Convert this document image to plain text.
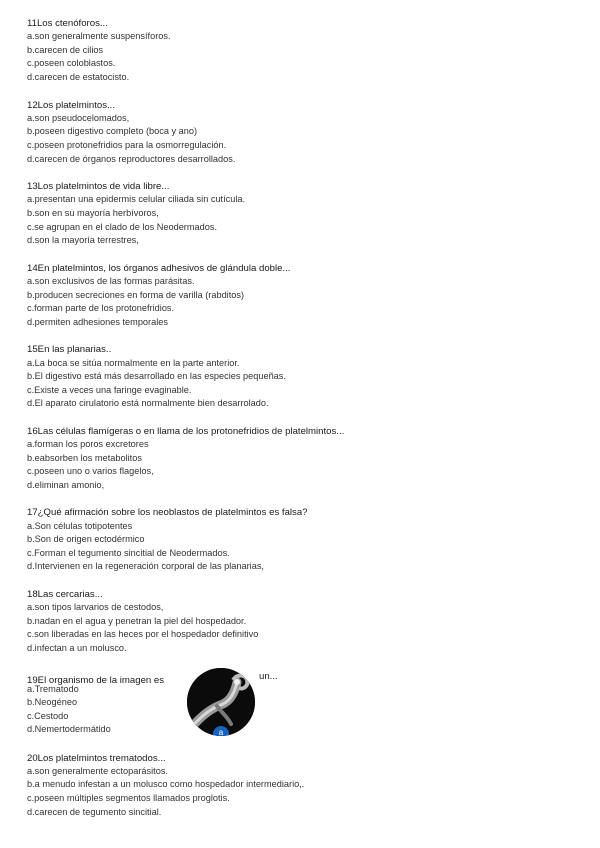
11Los ctenóforos...
a.son generalmente suspensíforos.
b.carecen de cilios
c.poseen coloblastos.
d.carecen de estatocisto.
12Los platelmintos...
a.son pseudocelomados,
b.poseen digestivo completo (boca y ano)
c.poseen protonefridios para la osmorregulación.
d.carecen de órganos reproductores desarrollados.
13Los platelmintos de vida libre...
a.presentan una epidermis celular ciliada sin cutícula.
b.son en su mayoría herbívoros,
c.se agrupan en el clado de los Neodermados.
d.son la mayoría terrestres,
14En platelmintos, los órganos adhesivos de glándula doble...
a.son exclusivos de las formas parásitas.
b.producen secreciones en forma de varilla (rabditos)
c.forman parte de los protonefridios.
d.permiten adhesiones temporales
15En las planarias..
a.La boca se sitúa normalmente en la parte anterior.
b.El digestivo está más desarrollado en las especies pequeñas.
c.Existe a veces una faringe evaginable.
d.El aparato cirulatorio está normalmente bien desarrolado.
16Las células flamígeras o en llama de los protonefridios de platelmintos...
a.forman los poros excretores
b.eabsorben los metabolitos
c.poseen uno o varios flagelos,
d.eliminan amonio,
17¿Qué afirmación sobre los neoblastos de platelmintos es falsa?
a.Son células totipotentes
b.Son de origen ectodérmico
c.Forman el tegumento sincitial de Neodermados.
d.Intervienen en la regeneración corporal de las planarias,
18Las cercarias...
a.son tipos larvarios de cestodos,
b.nadan en el agua y penetran la piel del hospedador.
c.son liberadas en las heces por el hospedador definitivo
d.infectan a un molusco.
19El organismo de la imagen es	un...
a.Trematodo
b.Neogéneo
c.Cestodo
d.Nemertodermátido	a
20Los platelmintos trematodos...
a.son generalmente ectoparásitos.
b.a menudo infestan a un molusco como hospedador intermediario,.
c.poseen múltiples segmentos llamados proglotis.
d.carecen de tegumento sincitial.
